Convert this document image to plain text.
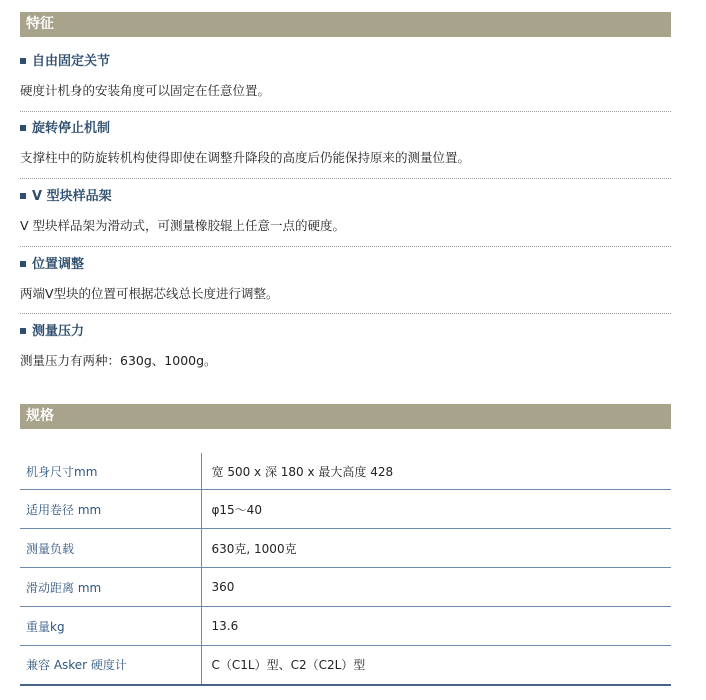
特征
自由固定关节
硬度计机身的安装角度可以固定在任意位置。
旋转停止机制
支撑柱中的防旋转机构使得即使在调整升降段的高度后仍能保持原来的测量位置。
V 型块样品架
V 型块样品架为滑动式，可测量橡胶辊上任意一点的硬度。
位置调整
两端V型块的位置可根据芯线总长度进行调整。
测量压力
测量压力有两种：630g、1000g。
规格
机身尺寸mm	宽 500 x 深 180 x 最大高度 428
适用卷径 mm	φ15～40
测量负载	630克, 1000克
滑动距离 mm	360
重量kg	13.6
兼容 Asker 硬度计	C（C1L）型、C2（C2L）型
